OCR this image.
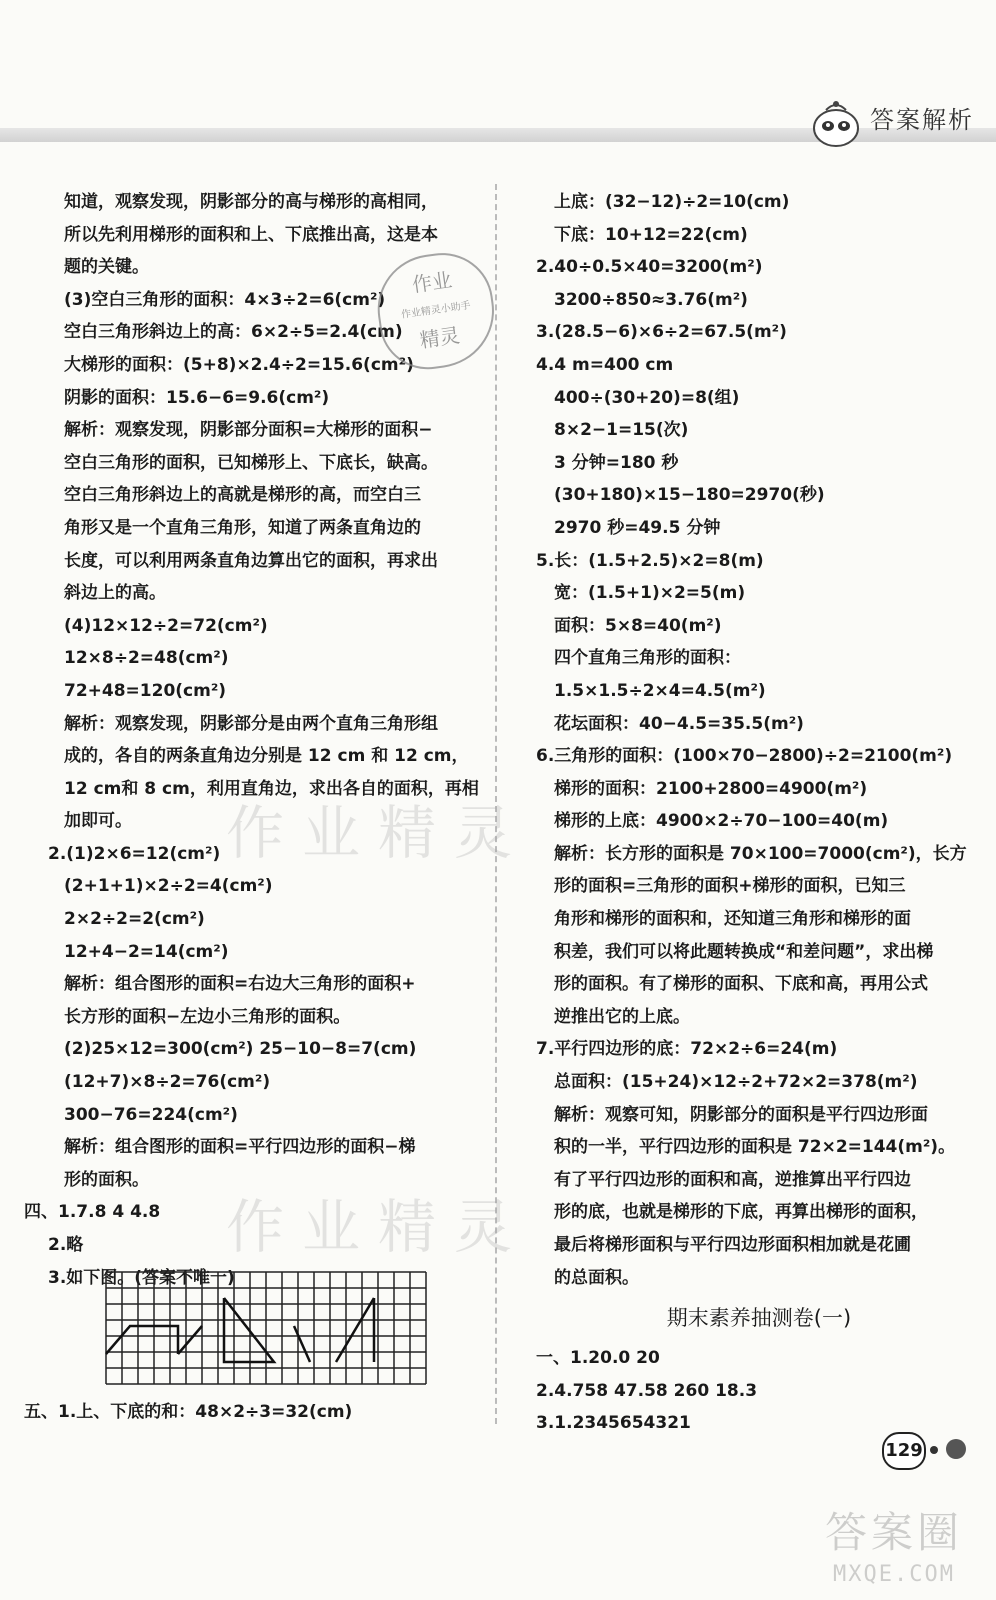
答案解析
知道，观察发现，阴影部分的高与梯形的高相同，
所以先利用梯形的面积和上、下底推出高，这是本
题的关键。
(3)空白三角形的面积：4×3÷2=6(cm²)
空白三角形斜边上的高：6×2÷5=2.4(cm)
大梯形的面积：(5+8)×2.4÷2=15.6(cm²)
阴影的面积：15.6−6=9.6(cm²)
解析：观察发现，阴影部分面积=大梯形的面积−
空白三角形的面积，已知梯形上、下底长，缺高。
空白三角形斜边上的高就是梯形的高，而空白三
角形又是一个直角三角形，知道了两条直角边的
长度，可以利用两条直角边算出它的面积，再求出
斜边上的高。
(4)12×12÷2=72(cm²)
12×8÷2=48(cm²)
72+48=120(cm²)
解析：观察发现，阴影部分是由两个直角三角形组
成的，各自的两条直角边分别是 12 cm 和 12 cm，
12 cm和 8 cm，利用直角边，求出各自的面积，再相
加即可。
2.(1)2×6=12(cm²)
(2+1+1)×2÷2=4(cm²)
2×2÷2=2(cm²)
12+4−2=14(cm²)
解析：组合图形的面积=右边大三角形的面积+
长方形的面积−左边小三角形的面积。
(2)25×12=300(cm²) 25−10−8=7(cm)
(12+7)×8÷2=76(cm²)
300−76=224(cm²)
解析：组合图形的面积=平行四边形的面积−梯
形的面积。
四、1.7.8 4 4.8
2.略
3.如下图。(答案不唯一)
五、1.上、下底的和：48×2÷3=32(cm)
上底：(32−12)÷2=10(cm)
下底：10+12=22(cm)
2.40÷0.5×40=3200(m²)
3200÷850≈3.76(m²)
3.(28.5−6)×6÷2=67.5(m²)
4.4 m=400 cm
400÷(30+20)=8(组)
8×2−1=15(次)
3 分钟=180 秒
(30+180)×15−180=2970(秒)
2970 秒=49.5 分钟
5.长：(1.5+2.5)×2=8(m)
宽：(1.5+1)×2=5(m)
面积：5×8=40(m²)
四个直角三角形的面积：
1.5×1.5÷2×4=4.5(m²)
花坛面积：40−4.5=35.5(m²)
6.三角形的面积：(100×70−2800)÷2=2100(m²)
梯形的面积：2100+2800=4900(m²)
梯形的上底：4900×2÷70−100=40(m)
解析：长方形的面积是 70×100=7000(cm²)，长方
形的面积=三角形的面积+梯形的面积，已知三
角形和梯形的面积和，还知道三角形和梯形的面
积差，我们可以将此题转换成“和差问题”，求出梯
形的面积。有了梯形的面积、下底和高，再用公式
逆推出它的上底。
7.平行四边形的底：72×2÷6=24(m)
总面积：(15+24)×12÷2+72×2=378(m²)
解析：观察可知，阴影部分的面积是平行四边形面
积的一半，平行四边形的面积是 72×2=144(m²)。
有了平行四边形的面积和高，逆推算出平行四边
形的底，也就是梯形的下底，再算出梯形的面积，
最后将梯形面积与平行四边形面积相加就是花圃
的总面积。
期末素养抽测卷(一)
一、1.20.0 20
2.4.758 47.58 260 18.3
3.1.2345654321
作业
作业精灵小助手
精灵
作业精灵
作业精灵
129
答案圈
MXQE.COM
